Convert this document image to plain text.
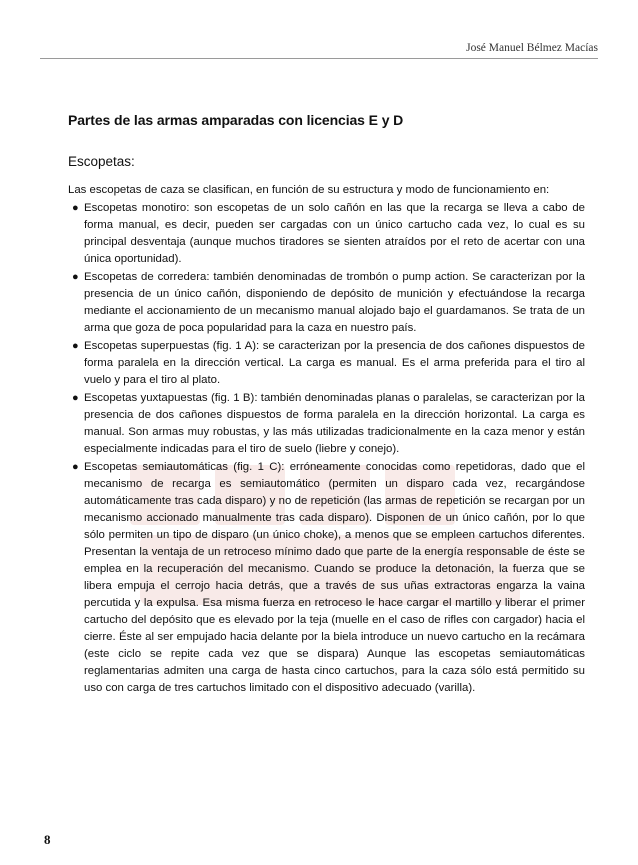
José Manuel Bélmez Macías
Partes de las armas amparadas con licencias E y D
Escopetas:

Las escopetas de caza se clasifican, en función de su estructura y modo de funcionamiento en:

● Escopetas monotiro: son escopetas de un solo cañón en las que la recarga se lleva a cabo de forma manual, es decir, pueden ser cargadas con un único cartucho cada vez, lo cual es su principal desventaja (aunque muchos tiradores se sienten atraídos por el reto de acertar con una única oportunidad).
● Escopetas de corredera: también denominadas de trombón o pump action. Se caracterizan por la presencia de un único cañón, disponiendo de depósito de munición y efectuándose la recarga mediante el accionamiento de un mecanismo manual alojado bajo el guardamanos. Se trata de un arma que goza de poca popularidad para la caza en nuestro país.
● Escopetas superpuestas (fig. 1 A): se caracterizan por la presencia de dos cañones dispuestos de forma paralela en la dirección vertical. La carga es manual. Es el arma preferida para el tiro al vuelo y para el tiro al plato.
● Escopetas yuxtapuestas (fig. 1 B): también denominadas planas o paralelas, se caracterizan por la presencia de dos cañones dispuestos de forma paralela en la dirección horizontal. La carga es manual. Son armas muy robustas, y las más utilizadas tradicionalmente en la caza menor y están especialmente indicadas para el tiro de suelo (liebre y conejo).
● Escopetas semiautomáticas (fig. 1 C): erróneamente conocidas como repetidoras, dado que el mecanismo de recarga es semiautomático (permiten un disparo cada vez, recargándose automáticamente tras cada disparo) y no de repetición (las armas de repetición se recargan por un mecanismo accionado manualmente tras cada disparo). Disponen de un único cañón, por lo que sólo permiten un tipo de disparo (un único choke), a menos que se empleen cartuchos diferentes. Presentan la ventaja de un retroceso mínimo dado que parte de la energía responsable de éste se emplea en la recuperación del mecanismo. Cuando se produce la detonación, la fuerza que se libera empuja el cerrojo hacia detrás, que a través de sus uñas extractoras engarza la vaina percutida y la expulsa. Esa misma fuerza en retroceso le hace cargar el martillo y liberar el primer cartucho del depósito que es elevado por la teja (muelle en el caso de rifles con cargador) hacia el cierre. Éste al ser empujado hacia delante por la biela introduce un nuevo cartucho en la recámara (este ciclo se repite cada vez que se dispara) Aunque las escopetas semiautomáticas reglamentarias admiten una carga de hasta cinco cartuchos, para la caza sólo está permitido su uso con carga de tres cartuchos limitado con el dispositivo adecuado (varilla).
8
